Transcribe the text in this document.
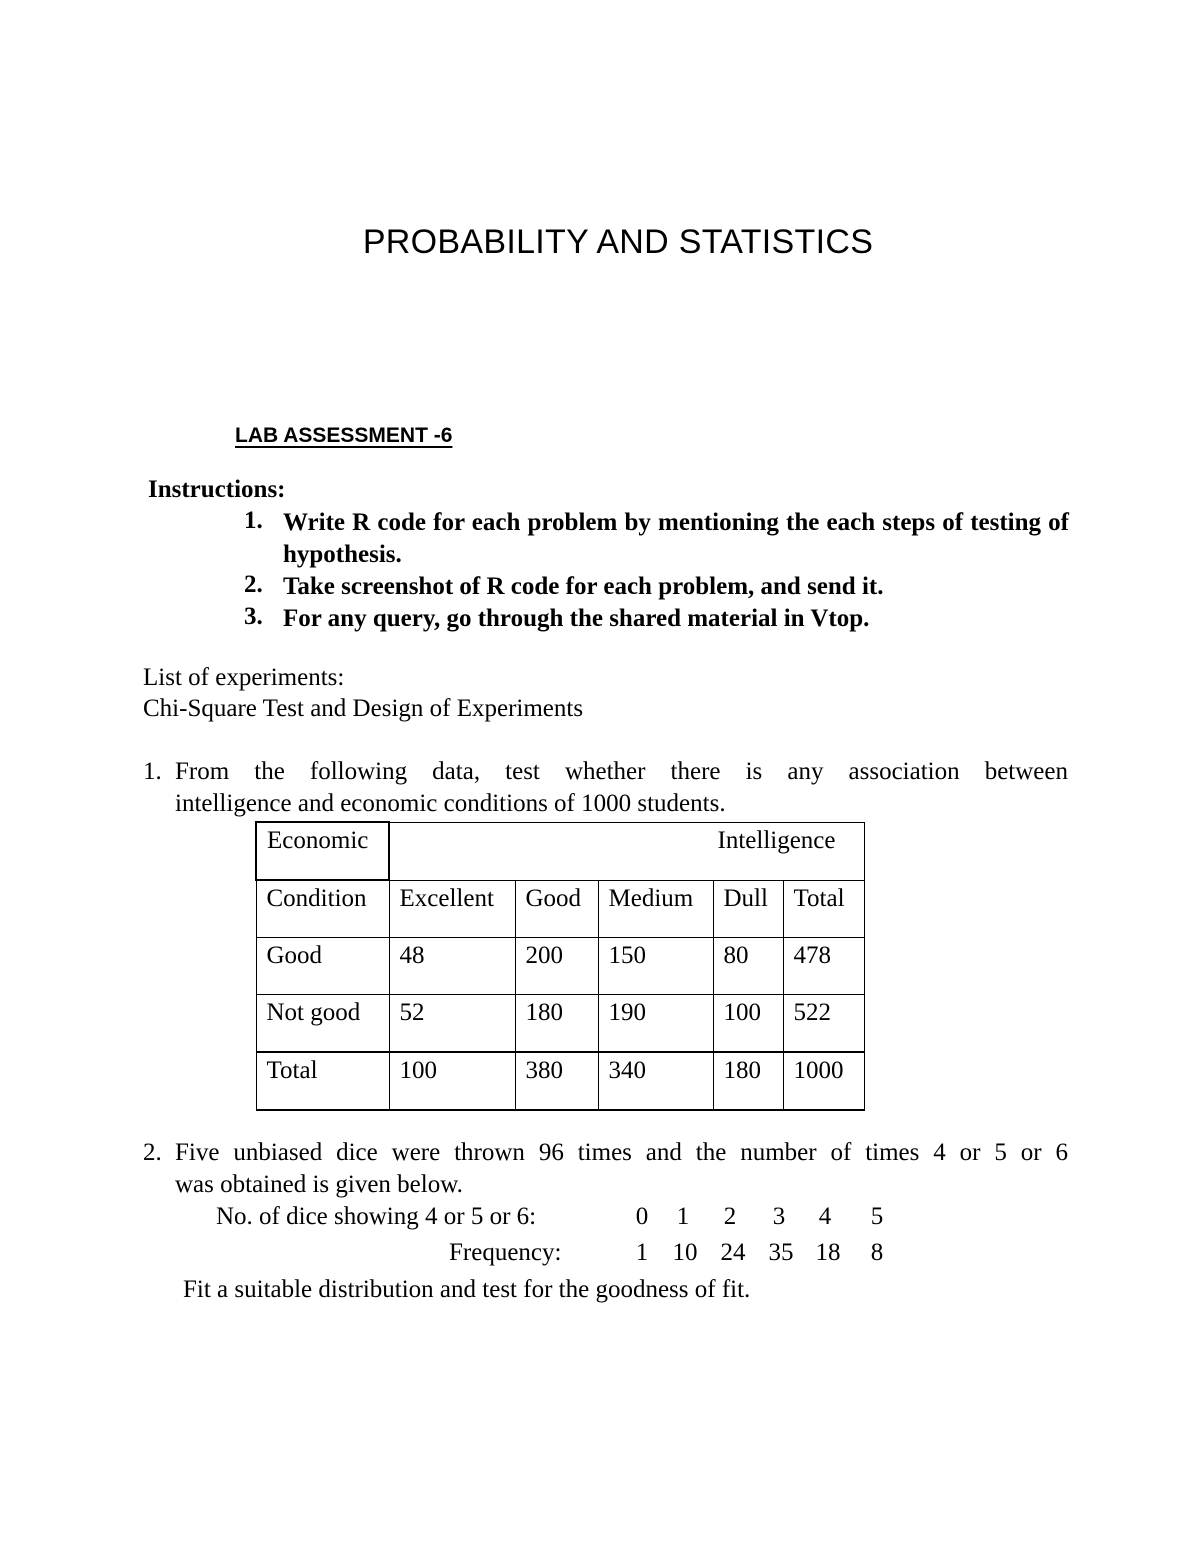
PROBABILITY AND STATISTICS
LAB ASSESSMENT -6
Instructions:
1. Write R code for each problem by mentioning the each steps of testing of hypothesis.
2. Take screenshot of R code for each problem, and send it.
3. For any query, go through the shared material in Vtop.
List of experiments:
Chi-Square Test and Design of Experiments
1. From the following data, test whether there is any association between
intelligence and economic conditions of 1000 students.
Economic	Intelligence				
Condition	Excellent	Good	Medium	Dull	Total
Good	48	200	150	80	478
Not good	52	180	190	100	522
Total	100	380	340	180	1000
2. Five unbiased dice were thrown 96 times and the number of times 4 or 5 or 6
was obtained is given below.
No. of dice showing 4 or 5 or 6:	0	1	2	3	4	5
Frequency:	1 10 24 35 18	8
Fit a suitable distribution and test for the goodness of fit.
